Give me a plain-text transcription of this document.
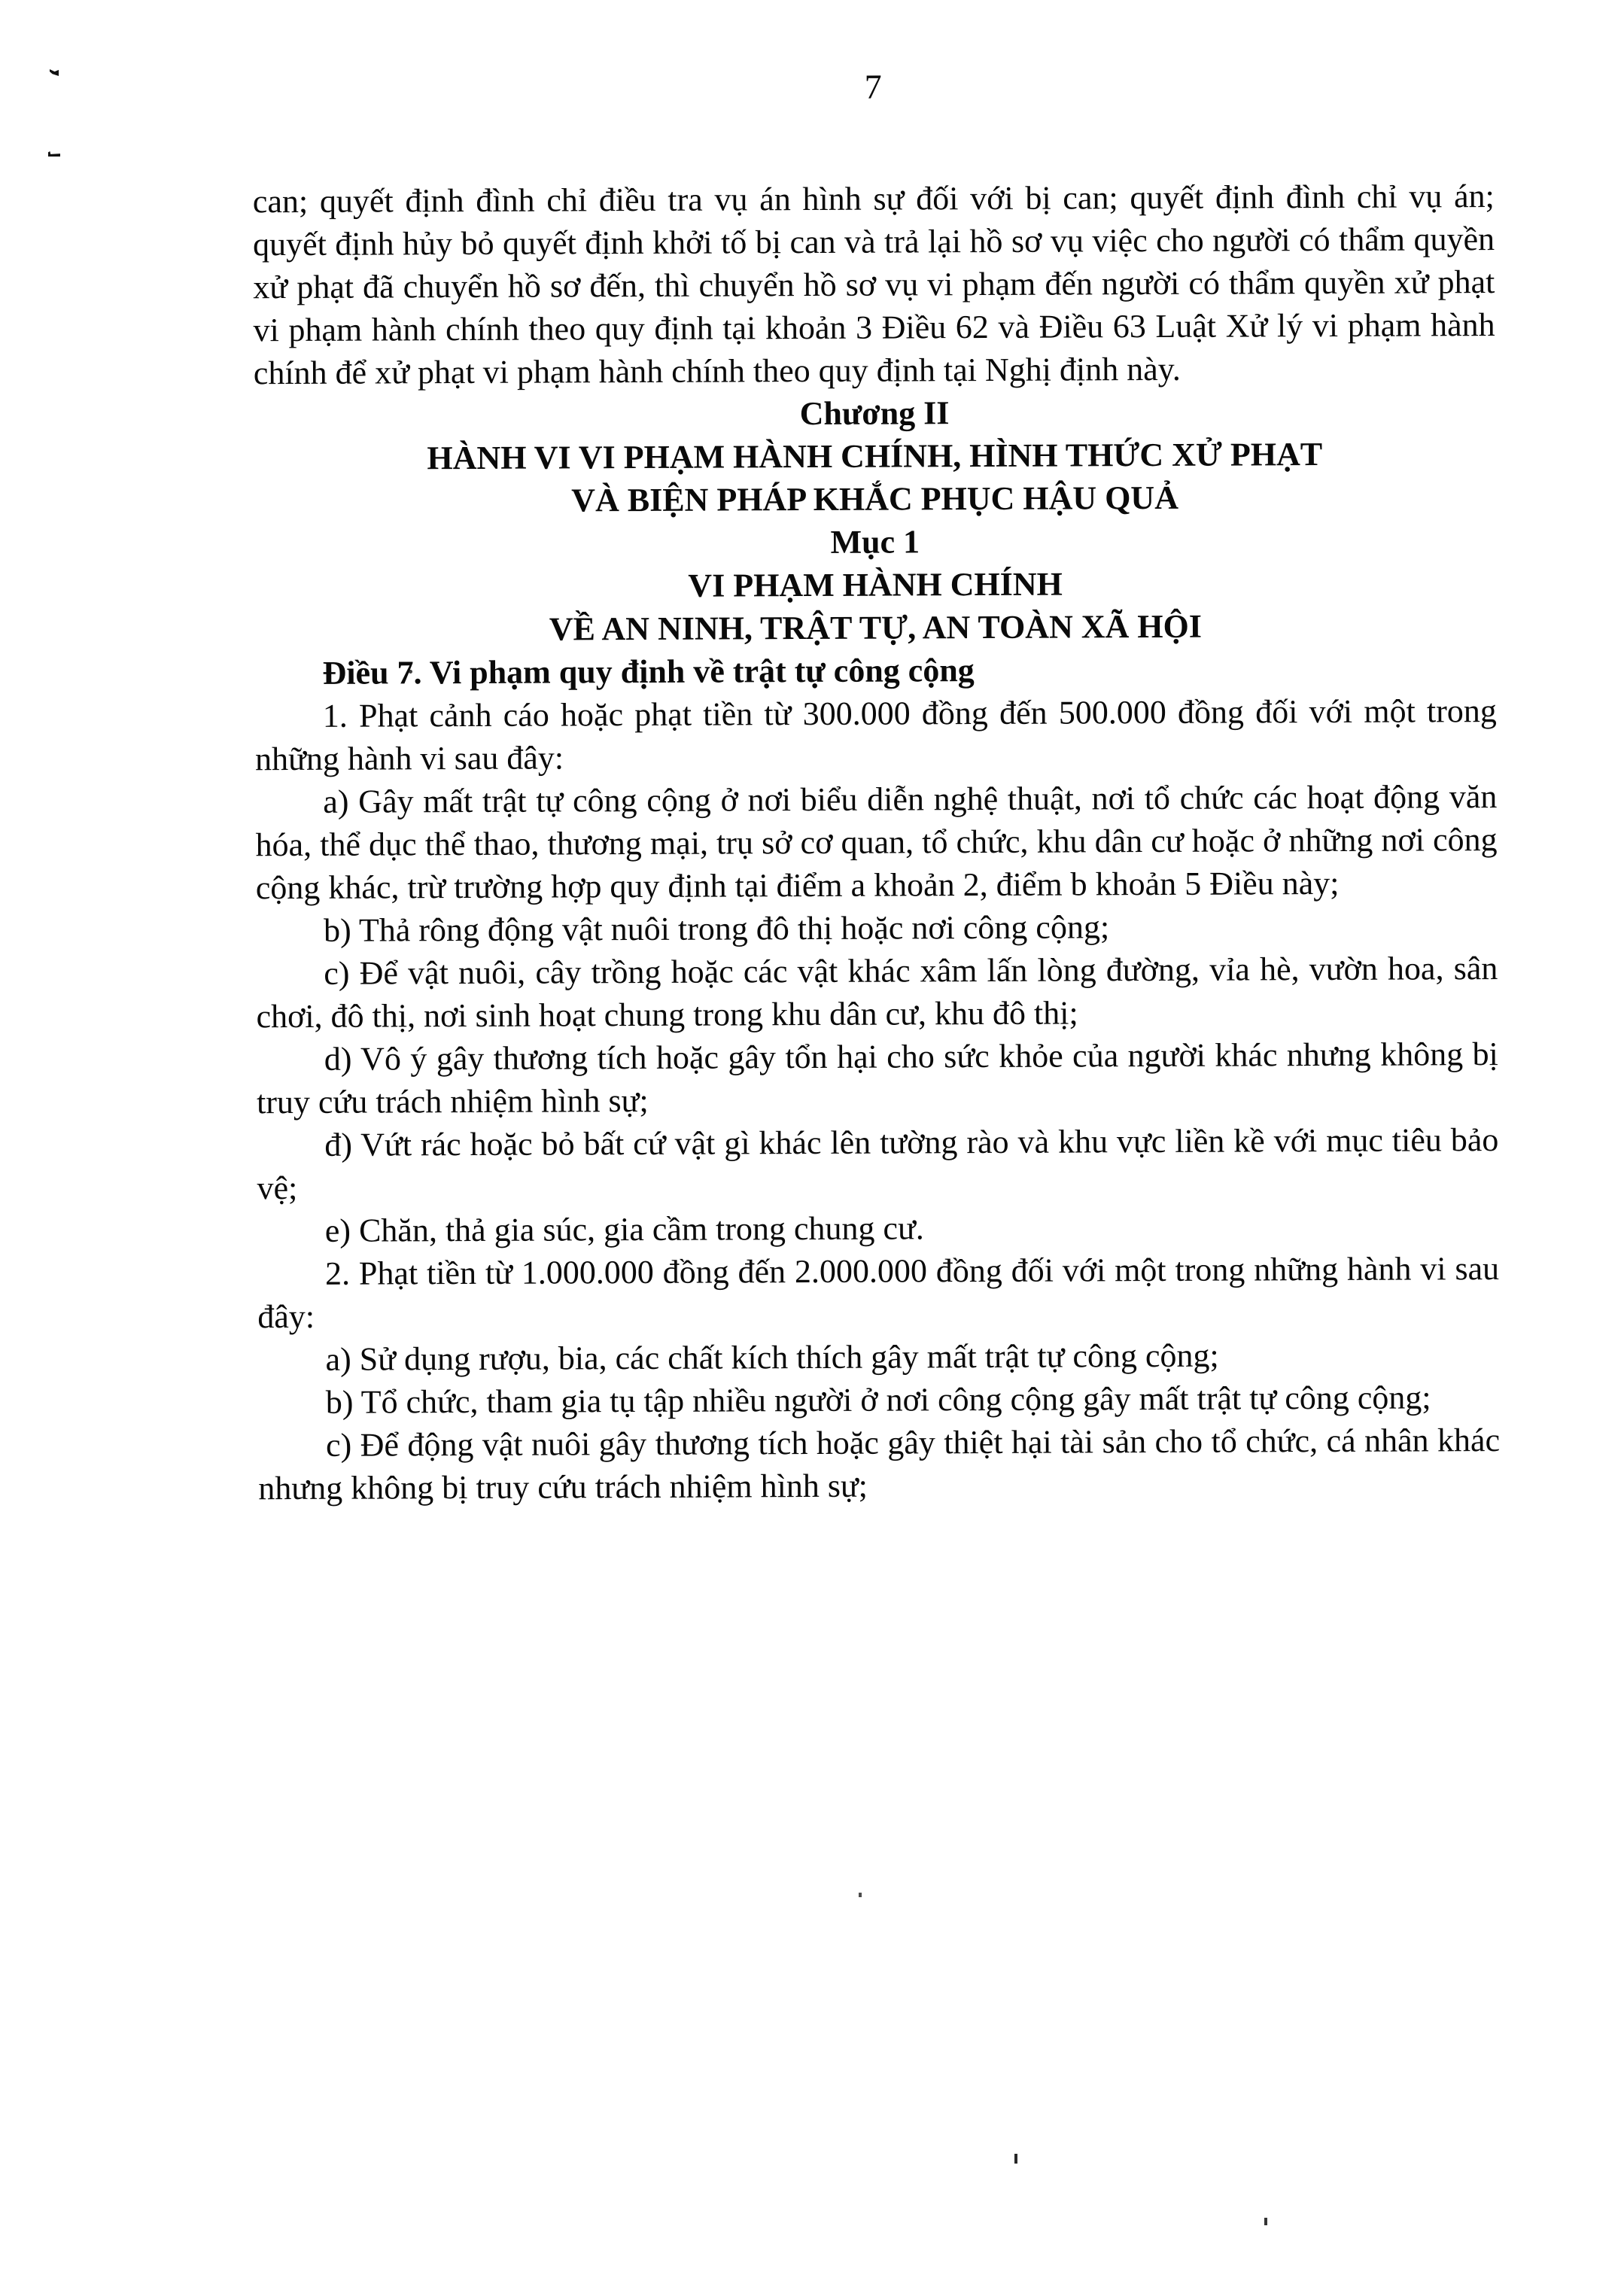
7

can; quyết định đình chỉ điều tra vụ án hình sự đối với bị can; quyết định đình chỉ vụ án; quyết định hủy bỏ quyết định khởi tố bị can và trả lại hồ sơ vụ việc cho người có thẩm quyền xử phạt đã chuyển hồ sơ đến, thì chuyển hồ sơ vụ vi phạm đến người có thẩm quyền xử phạt vi phạm hành chính theo quy định tại khoản 3 Điều 62 và Điều 63 Luật Xử lý vi phạm hành chính để xử phạt vi phạm hành chính theo quy định tại Nghị định này.

Chương II

HÀNH VI VI PHẠM HÀNH CHÍNH, HÌNH THỨC XỬ PHẠT

VÀ BIỆN PHÁP KHẮC PHỤC HẬU QUẢ

Mục 1

VI PHẠM HÀNH CHÍNH

VỀ AN NINH, TRẬT TỰ, AN TOÀN XÃ HỘI

Điều 7. Vi phạm quy định về trật tự công cộng

1. Phạt cảnh cáo hoặc phạt tiền từ 300.000 đồng đến 500.000 đồng đối với một trong những hành vi sau đây:

a) Gây mất trật tự công cộng ở nơi biểu diễn nghệ thuật, nơi tổ chức các hoạt động văn hóa, thể dục thể thao, thương mại, trụ sở cơ quan, tổ chức, khu dân cư hoặc ở những nơi công cộng khác, trừ trường hợp quy định tại điểm a khoản 2, điểm b khoản 5 Điều này;

b) Thả rông động vật nuôi trong đô thị hoặc nơi công cộng;

c) Để vật nuôi, cây trồng hoặc các vật khác xâm lấn lòng đường, vỉa hè, vườn hoa, sân chơi, đô thị, nơi sinh hoạt chung trong khu dân cư, khu đô thị;

d) Vô ý gây thương tích hoặc gây tổn hại cho sức khỏe của người khác nhưng không bị truy cứu trách nhiệm hình sự;

đ) Vứt rác hoặc bỏ bất cứ vật gì khác lên tường rào và khu vực liền kề với mục tiêu bảo vệ;

e) Chăn, thả gia súc, gia cầm trong chung cư.

2. Phạt tiền từ 1.000.000 đồng đến 2.000.000 đồng đối với một trong những hành vi sau đây:

a) Sử dụng rượu, bia, các chất kích thích gây mất trật tự công cộng;

b) Tổ chức, tham gia tụ tập nhiều người ở nơi công cộng gây mất trật tự công cộng;

c) Để động vật nuôi gây thương tích hoặc gây thiệt hại tài sản cho tổ chức, cá nhân khác nhưng không bị truy cứu trách nhiệm hình sự;
